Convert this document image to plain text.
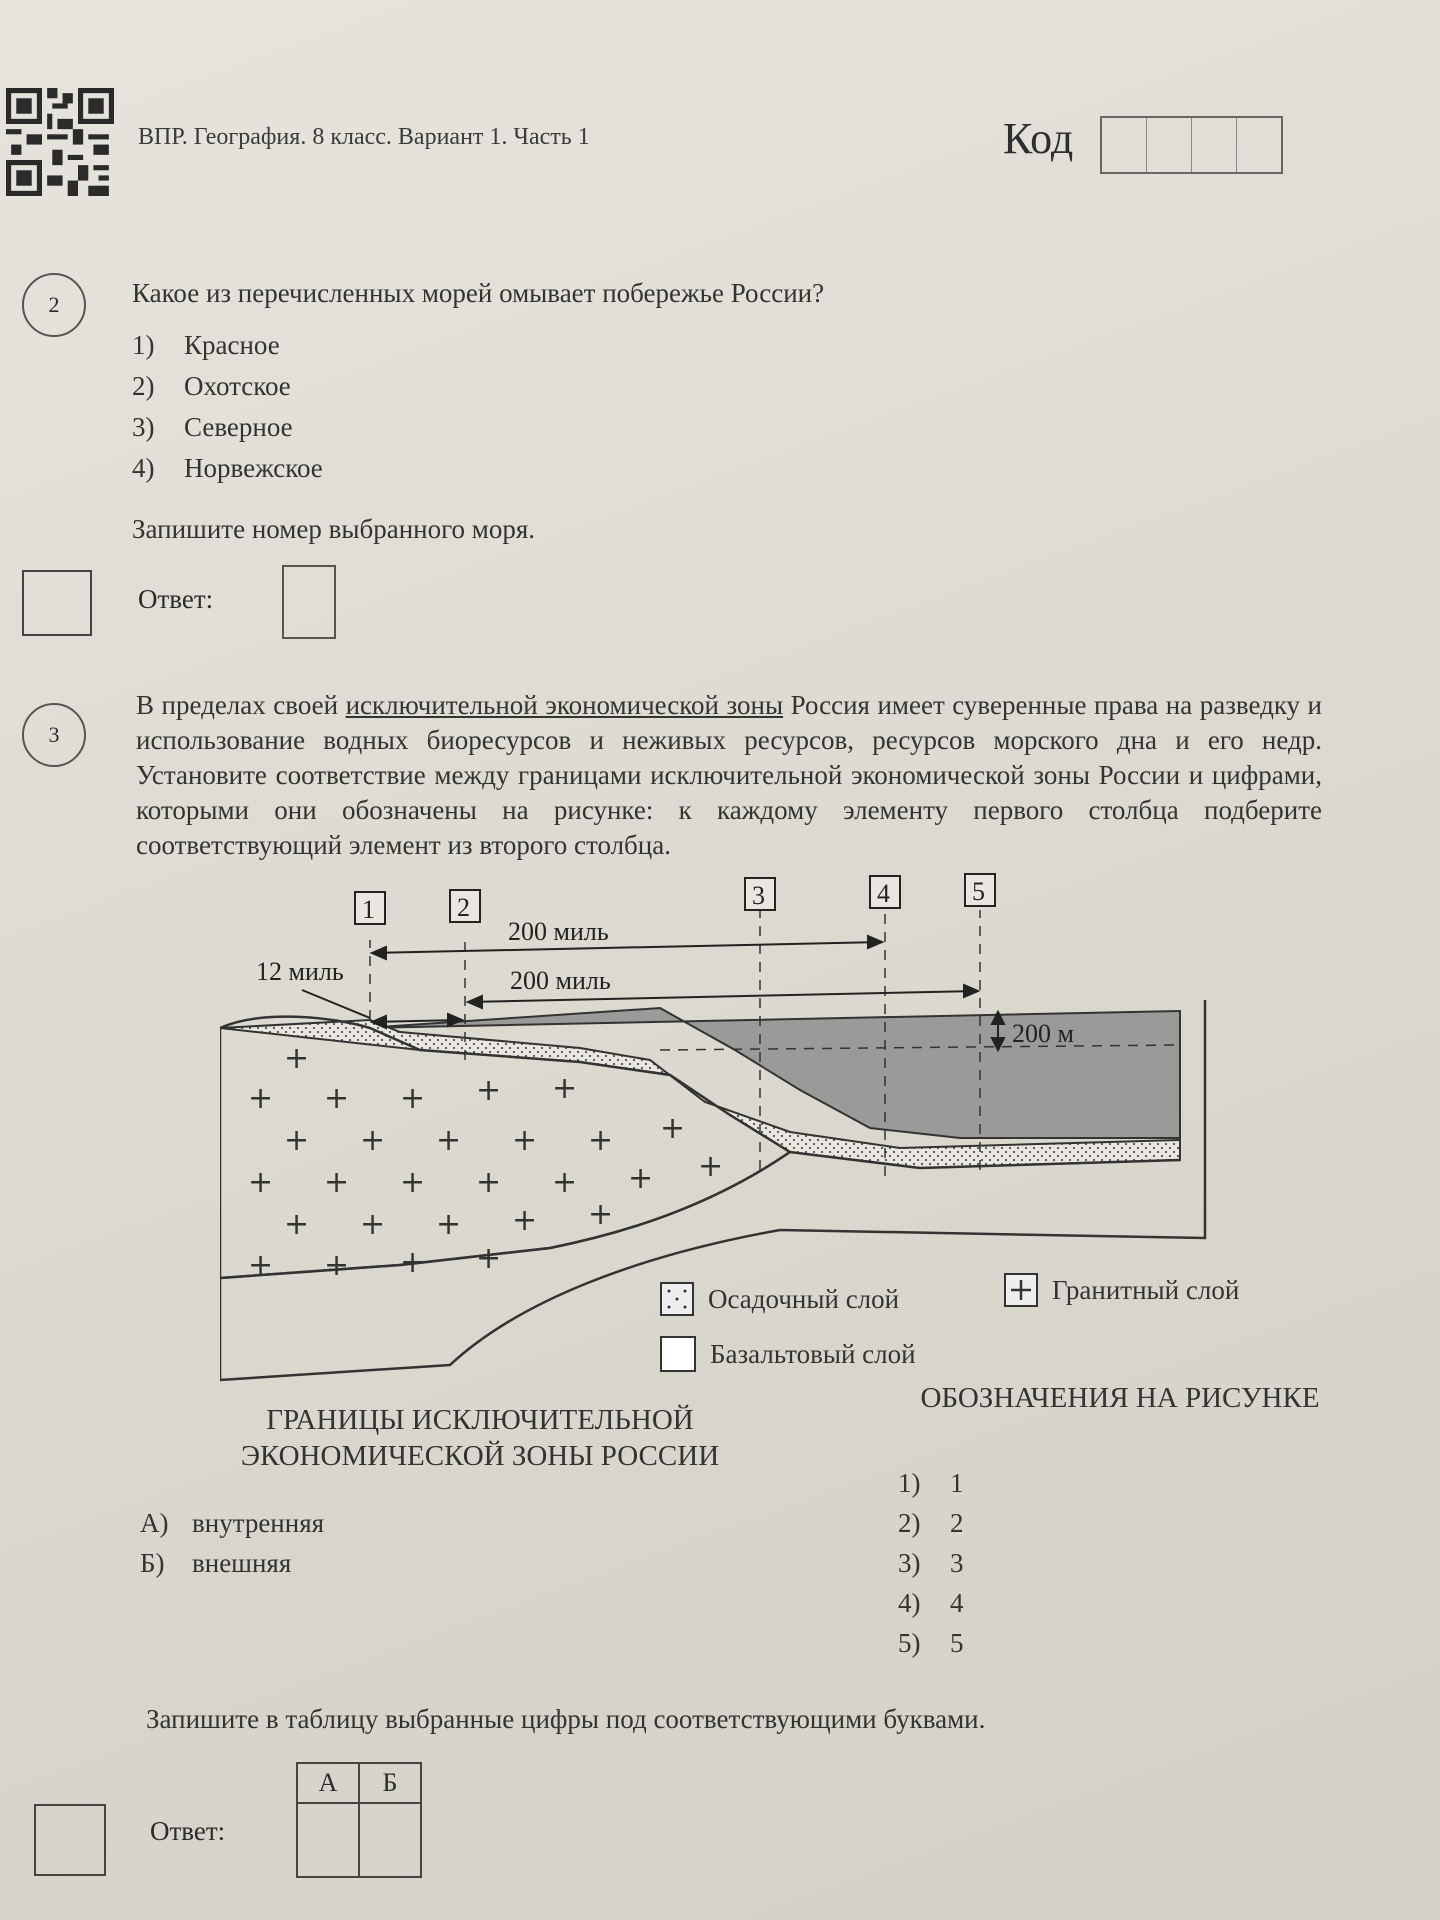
ВПР. География. 8 класс. Вариант 1. Часть 1	Код
2	Какое из перечисленных морей омывает побережье России?
1) Красное
2) Охотское
3) Северное
4) Норвежское
Запишите номер выбранного моря.
Ответ:
3
В пределах своей исключительной экономической зоны Россия имеет суверенные права на разведку и использование водных биоресурсов и неживых ресурсов, ресурсов морского дна и его недр. Установите соответствие между границами исключительной экономической зоны России и цифрами, которыми они обозначены на рисунке: к каждому элементу первого столбца подберите соответствующий элемент из второго столбца.
+
+ + + + +
+ + + + + +
+ + + + + + +
+ + + + +
+ + + +
1	2	3	4	5
200 миль
200 миль
12 миль
200 м
Осадочный слой	Гранитный слой
Базальтовый слой
ГРАНИЦЫ ИСКЛЮЧИТЕЛЬНОЙ ЭКОНОМИЧЕСКОЙ ЗОНЫ РОССИИ
ОБОЗНАЧЕНИЯ НА РИСУНКЕ
А) внутренняя
Б) внешняя
1) 1
2) 2
3) 3
4) 4
5) 5
Запишите в таблицу выбранные цифры под соответствующими буквами.
Ответ:
А	Б
